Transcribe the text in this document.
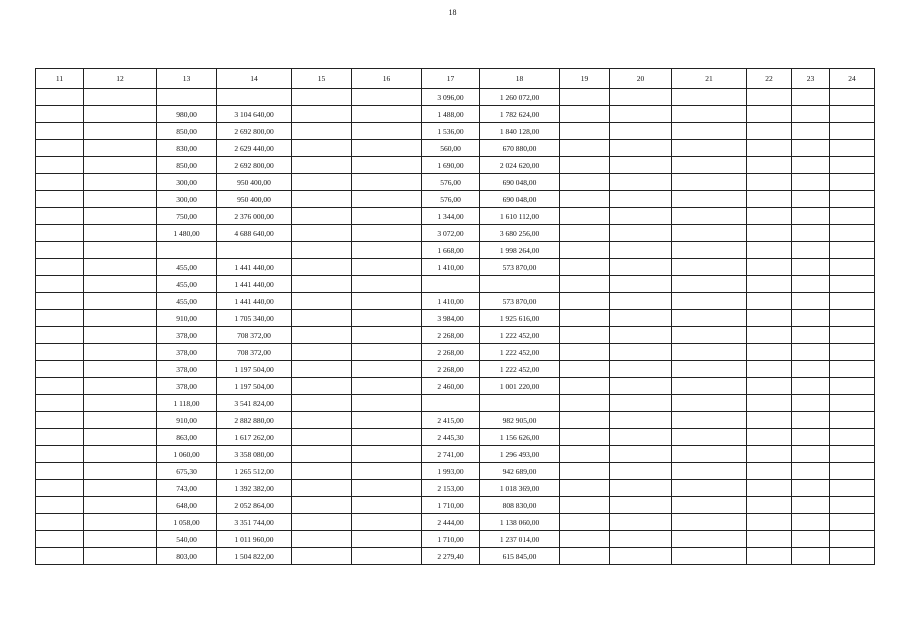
18
11	12	13	14	15	16	17	18	19	20	21	22	23	24
						3 096,00	1 260 072,00						
		980,00	3 104 640,00			1 488,00	1 782 624,00						
		850,00	2 692 800,00			1 536,00	1 840 128,00						
		830,00	2 629 440,00			560,00	670 880,00						
		850,00	2 692 800,00			1 690,00	2 024 620,00						
		300,00	950 400,00			576,00	690 048,00						
		300,00	950 400,00			576,00	690 048,00						
		750,00	2 376 000,00			1 344,00	1 610 112,00						
		1 480,00	4 688 640,00			3 072,00	3 680 256,00						
						1 668,00	1 998 264,00						
		455,00	1 441 440,00			1 410,00	573 870,00						
		455,00	1 441 440,00										
		455,00	1 441 440,00			1 410,00	573 870,00						
		910,00	1 705 340,00			3 984,00	1 925 616,00						
		378,00	708 372,00			2 268,00	1 222 452,00						
		378,00	708 372,00			2 268,00	1 222 452,00						
		378,00	1 197 504,00			2 268,00	1 222 452,00						
		378,00	1 197 504,00			2 460,00	1 001 220,00						
		1 118,00	3 541 824,00										
		910,00	2 882 880,00			2 415,00	982 905,00						
		863,00	1 617 262,00			2 445,30	1 156 626,00						
		1 060,00	3 358 080,00			2 741,00	1 296 493,00						
		675,30	1 265 512,00			1 993,00	942 689,00						
		743,00	1 392 382,00			2 153,00	1 018 369,00						
		648,00	2 052 864,00			1 710,00	808 830,00						
		1 058,00	3 351 744,00			2 444,00	1 138 060,00						
		540,00	1 011 960,00			1 710,00	1 237 014,00						
		803,00	1 504 822,00			2 279,40	615 845,00						
